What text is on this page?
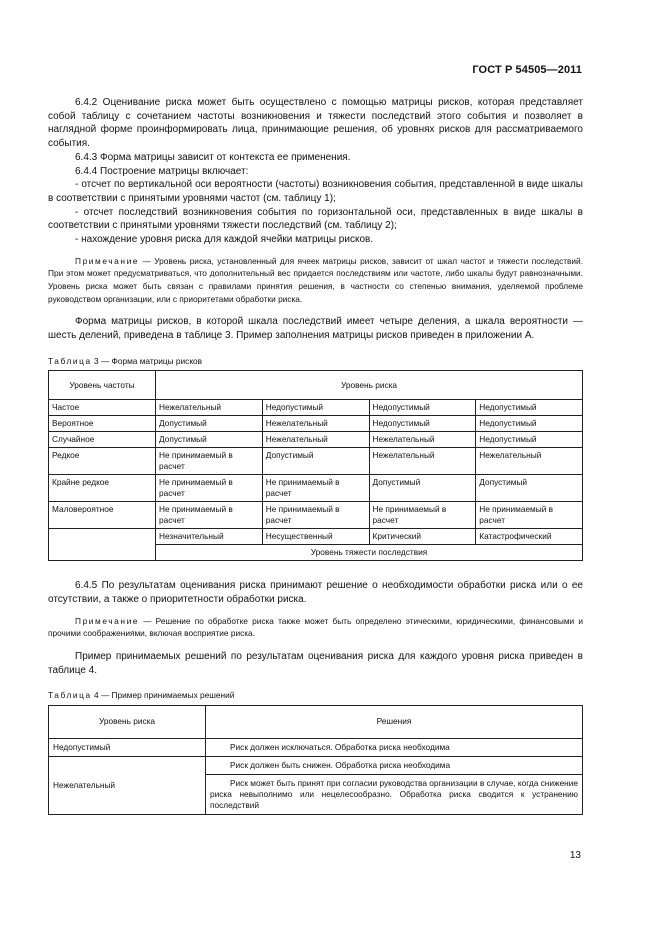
ГОСТ Р 54505—2011

6.4.2 Оценивание риска может быть осуществлено с помощью матрицы рисков, которая представляет собой таблицу с сочетанием частоты возникновения и тяжести последствий этого события и позволяет в наглядной форме проинформировать лица, принимающие решения, об уровнях рисков для рассматриваемого события.

6.4.3 Форма матрицы зависит от контекста ее применения.

6.4.4 Построение матрицы включает:

- отсчет по вертикальной оси вероятности (частоты) возникновения события, представленной в виде шкалы в соответствии с принятыми уровнями частот (см. таблицу 1);

- отсчет последствий возникновения события по горизонтальной оси, представленных в виде шкалы в соответствии с принятыми уровнями тяжести последствий (см. таблицу 2);

- нахождение уровня риска для каждой ячейки матрицы рисков.

Примечание — Уровень риска, установленный для ячеек матрицы рисков, зависит от шкал частот и тяжести последствий. При этом может предусматриваться, что дополнительный вес придается последствиям или частоте, либо шкалы будут равнозначными. Уровень риска может быть связан с правилами принятия решения, в частности со степенью внимания, уделяемой проблеме руководством организации, или с приоритетами обработки риска.

Форма матрицы рисков, в которой шкала последствий имеет четыре деления, а шкала вероятности — шесть делений, приведена в таблице 3. Пример заполнения матрицы рисков приведен в приложении А.

Таблица 3 — Форма матрицы рисков
Уровень частоты	Уровень риска			
Частое	Нежелательный	Недопустимый	Недопустимый	Недопустимый
Вероятное	Допустимый	Нежелательный	Недопустимый	Недопустимый
Случайное	Допустимый	Нежелательный	Нежелательный	Недопустимый
Редкое	Не принимаемый в расчет	Допустимый	Нежелательный	Нежелательный
Крайне редкое	Не принимаемый в расчет	Не принимаемый в расчет	Допустимый	Допустимый
Маловероятное	Не принимаемый в расчет	Не принимаемый в расчет	Не принимаемый в расчет	Не принимаемый в расчет
	Незначительный	Несущественный	Критический	Катастрофический
	Уровень тяжести последствия			

6.4.5 По результатам оценивания риска принимают решение о необходимости обработки риска или о ее отсутствии, а также о приоритетности обработки риска.

Примечание — Решение по обработке риска также может быть определено этическими, юридическими, финансовыми и прочими соображениями, включая восприятие риска.

Пример принимаемых решений по результатам оценивания риска для каждого уровня риска приведен в таблице 4.

Таблица 4 — Пример принимаемых решений
Уровень риска	Решения
Недопустимый	Риск должен исключаться. Обработка риска необходима
Нежелательный	Риск должен быть снижен. Обработка риска необходима
	Риск может быть принят при согласии руководства организации в случае, когда снижение риска невыполнимо или нецелесообразно. Обработка риска сводится к устранению последствий
13
